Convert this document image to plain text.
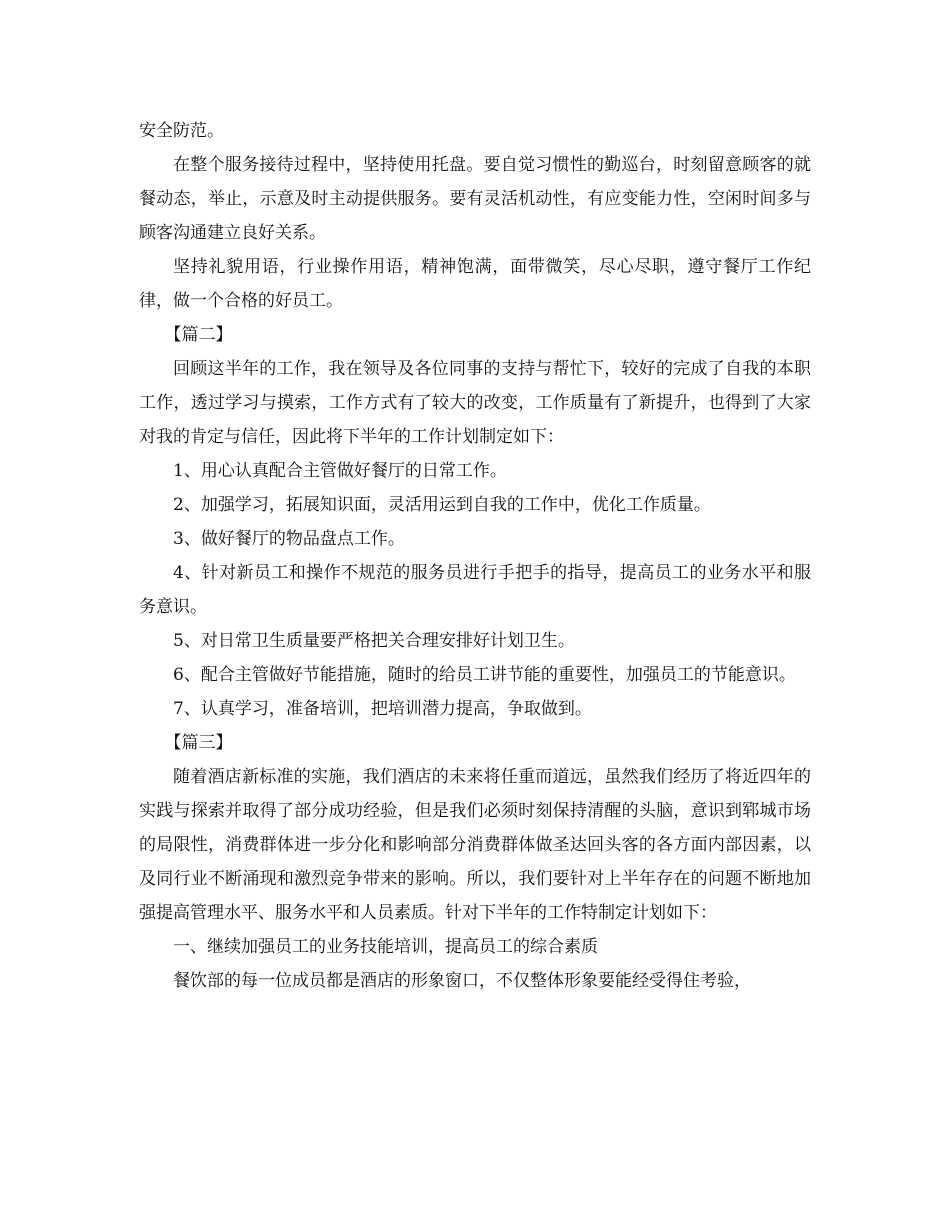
安全防范。

在整个服务接待过程中，坚持使用托盘。要自觉习惯性的勤巡台，时刻留意顾客的就餐动态，举止，示意及时主动提供服务。要有灵活机动性，有应变能力性，空闲时间多与顾客沟通建立良好关系。

坚持礼貌用语，行业操作用语，精神饱满，面带微笑，尽心尽职，遵守餐厅工作纪律，做一个合格的好员工。

【篇二】

回顾这半年的工作，我在领导及各位同事的支持与帮忙下，较好的完成了自我的本职工作，透过学习与摸索，工作方式有了较大的改变，工作质量有了新提升，也得到了大家对我的肯定与信任，因此将下半年的工作计划制定如下：

1、用心认真配合主管做好餐厅的日常工作。

2、加强学习，拓展知识面，灵活用运到自我的工作中，优化工作质量。

3、做好餐厅的物品盘点工作。

4、针对新员工和操作不规范的服务员进行手把手的指导，提高员工的业务水平和服务意识。

5、对日常卫生质量要严格把关合理安排好计划卫生。

6、配合主管做好节能措施，随时的给员工讲节能的重要性，加强员工的节能意识。

7、认真学习，准备培训，把培训潜力提高，争取做到。

【篇三】

随着酒店新标准的实施，我们酒店的未来将任重而道远，虽然我们经历了将近四年的实践与探索并取得了部分成功经验，但是我们必须时刻保持清醒的头脑，意识到郓城市场的局限性，消费群体进一步分化和影响部分消费群体做圣达回头客的各方面内部因素，以及同行业不断涌现和激烈竞争带来的影响。所以，我们要针对上半年存在的问题不断地加强提高管理水平、服务水平和人员素质。针对下半年的工作特制定计划如下：

一、继续加强员工的业务技能培训，提高员工的综合素质

餐饮部的每一位成员都是酒店的形象窗口，不仅整体形象要能经受得住考验，
